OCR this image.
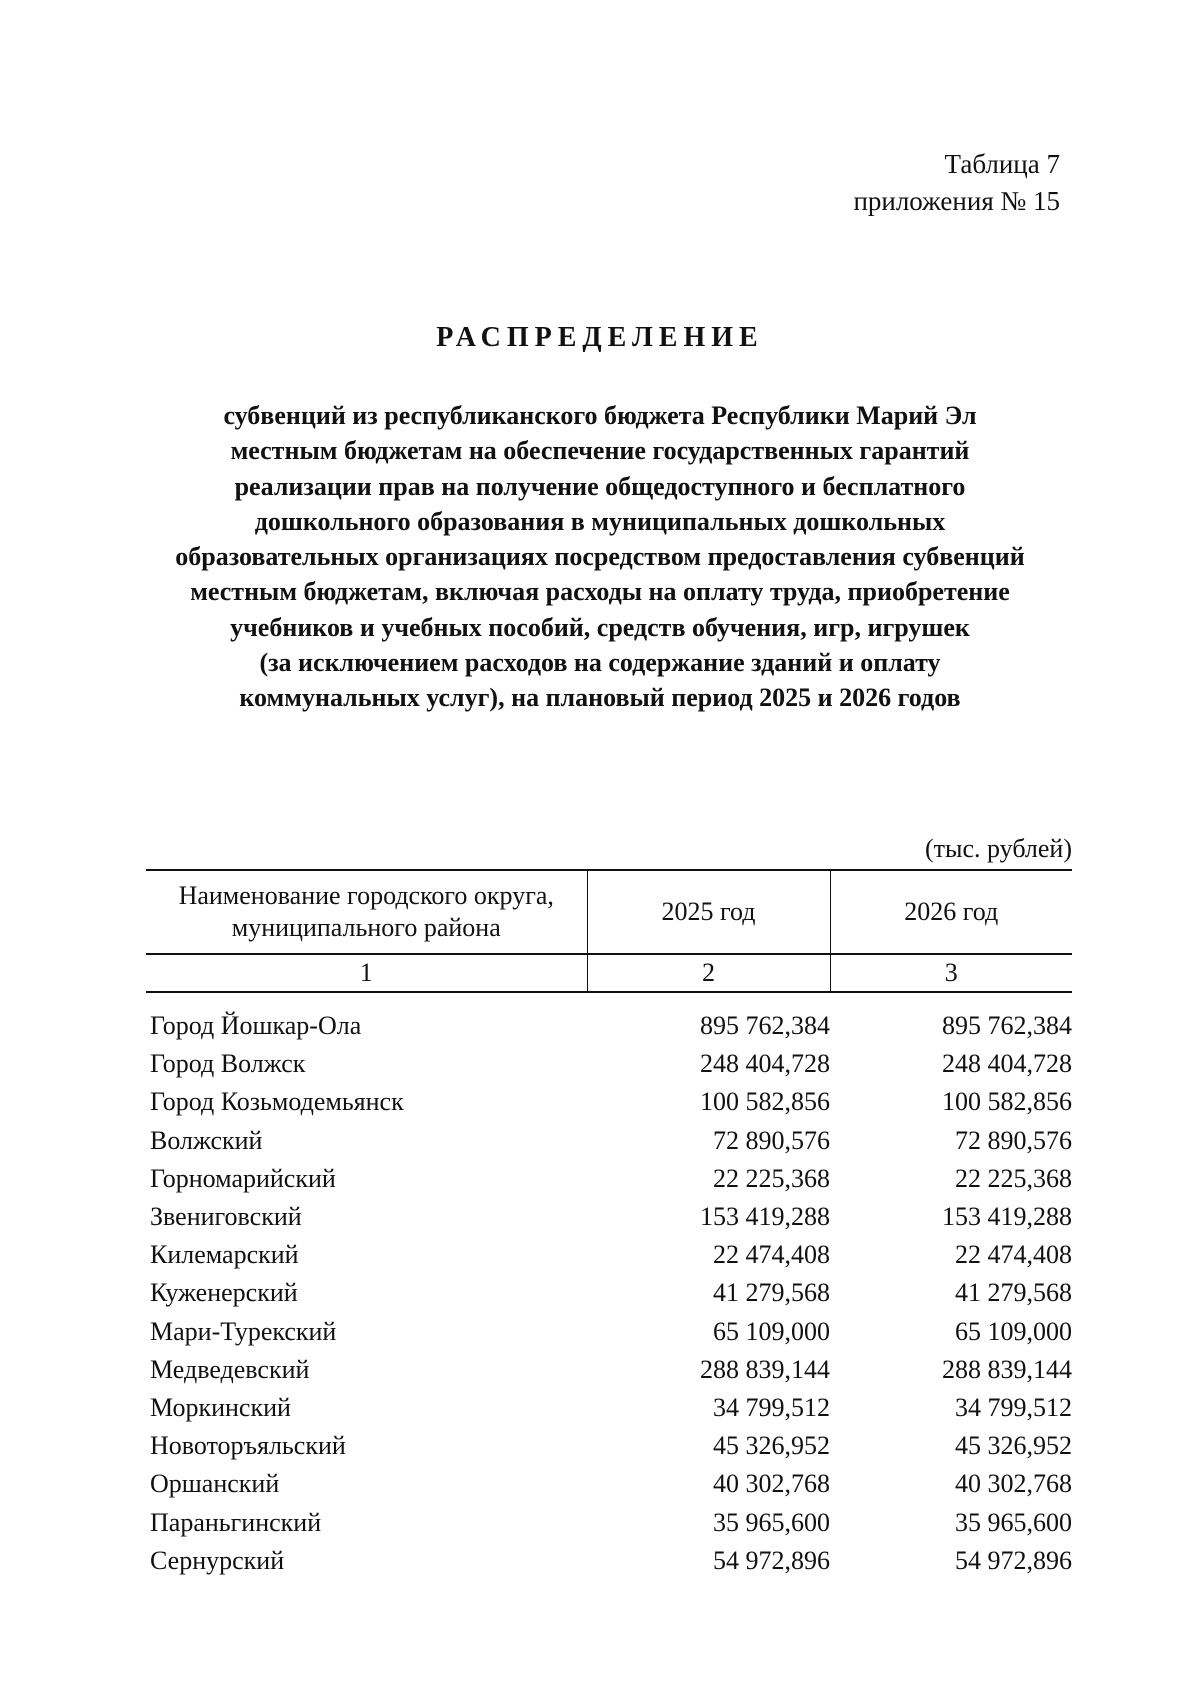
Таблица 7
приложения № 15
РАСПРЕДЕЛЕНИЕ
субвенций из республиканского бюджета Республики Марий Эл
местным бюджетам на обеспечение государственных гарантий
реализации прав на получение общедоступного и бесплатного
дошкольного образования в муниципальных дошкольных
образовательных организациях посредством предоставления субвенций
местным бюджетам, включая расходы на оплату труда, приобретение
учебников и учебных пособий, средств обучения, игр, игрушек
(за исключением расходов на содержание зданий и оплату
коммунальных услуг), на плановый период 2025 и 2026 годов
(тыс. рублей)
Наименование городского округа,
муниципального района	2025 год	2026 год
1	2	3
Город Йошкар-Ола	895 762,384	895 762,384
Город Волжск	248 404,728	248 404,728
Город Козьмодемьянск	100 582,856	100 582,856
Волжский	72 890,576	72 890,576
Горномарийский	22 225,368	22 225,368
Звениговский	153 419,288	153 419,288
Килемарский	22 474,408	22 474,408
Куженерский	41 279,568	41 279,568
Мари-Турекский	65 109,000	65 109,000
Медведевский	288 839,144	288 839,144
Моркинский	34 799,512	34 799,512
Новоторъяльский	45 326,952	45 326,952
Оршанский	40 302,768	40 302,768
Параньгинский	35 965,600	35 965,600
Сернурский	54 972,896	54 972,896
